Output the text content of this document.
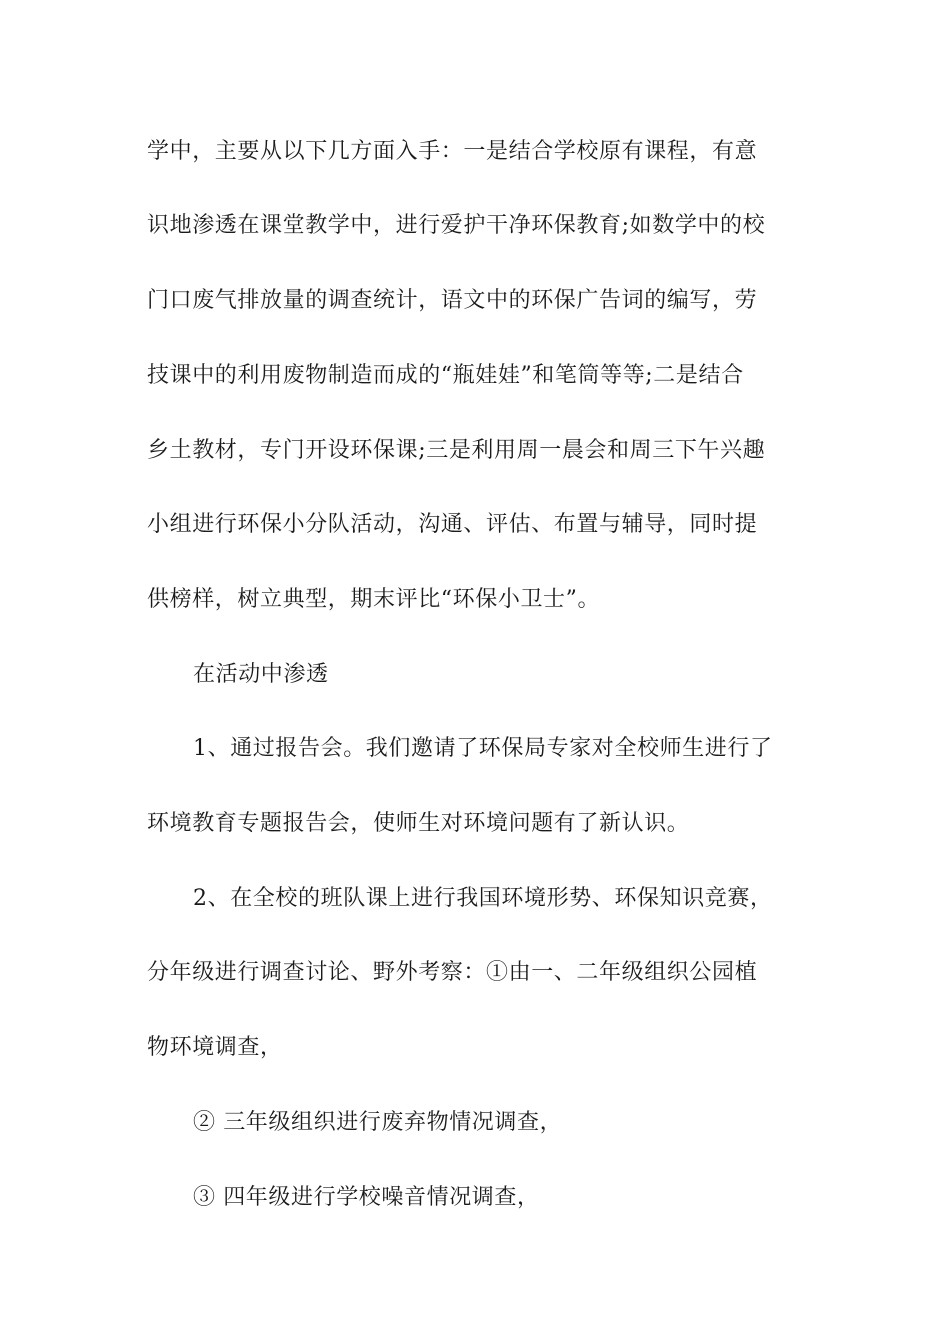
学中，主要从以下几方面入手：一是结合学校原有课程，有意
识地渗透在课堂教学中，进行爱护干净环保教育;如数学中的校
门口废气排放量的调查统计，语文中的环保广告词的编写，劳
技课中的利用废物制造而成的“瓶娃娃”和笔筒等等;二是结合
乡土教材，专门开设环保课;三是利用周一晨会和周三下午兴趣
小组进行环保小分队活动，沟通、评估、布置与辅导，同时提
供榜样，树立典型，期末评比“环保小卫士”。
在活动中渗透
1、通过报告会。我们邀请了环保局专家对全校师生进行了
环境教育专题报告会，使师生对环境问题有了新认识。
2、在全校的班队课上进行我国环境形势、环保知识竞赛，
分年级进行调查讨论、野外考察：①由一、二年级组织公园植
物环境调查，
② 三年级组织进行废弃物情况调查，
③ 四年级进行学校噪音情况调查，
